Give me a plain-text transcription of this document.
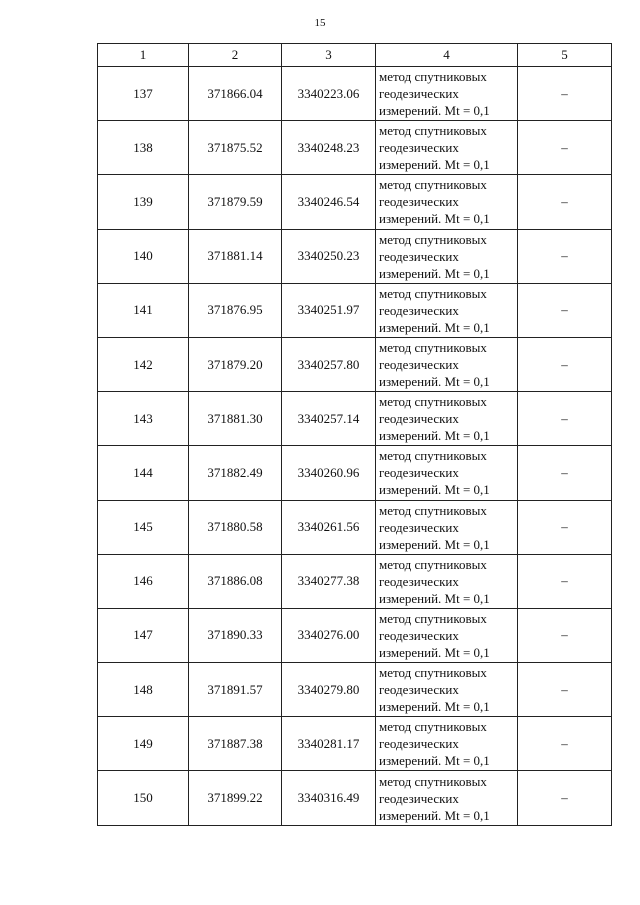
15
1	2	3	4	5
137	371866.04	3340223.06	метод спутниковых
геодезических
измерений. Mt = 0,1	–
138	371875.52	3340248.23	метод спутниковых
геодезических
измерений. Mt = 0,1	–
139	371879.59	3340246.54	метод спутниковых
геодезических
измерений. Mt = 0,1	–
140	371881.14	3340250.23	метод спутниковых
геодезических
измерений. Mt = 0,1	–
141	371876.95	3340251.97	метод спутниковых
геодезических
измерений. Mt = 0,1	–
142	371879.20	3340257.80	метод спутниковых
геодезических
измерений. Mt = 0,1	–
143	371881.30	3340257.14	метод спутниковых
геодезических
измерений. Mt = 0,1	–
144	371882.49	3340260.96	метод спутниковых
геодезических
измерений. Mt = 0,1	–
145	371880.58	3340261.56	метод спутниковых
геодезических
измерений. Mt = 0,1	–
146	371886.08	3340277.38	метод спутниковых
геодезических
измерений. Mt = 0,1	–
147	371890.33	3340276.00	метод спутниковых
геодезических
измерений. Mt = 0,1	–
148	371891.57	3340279.80	метод спутниковых
геодезических
измерений. Mt = 0,1	–
149	371887.38	3340281.17	метод спутниковых
геодезических
измерений. Mt = 0,1	–
150	371899.22	3340316.49	метод спутниковых
геодезических
измерений. Mt = 0,1	–
